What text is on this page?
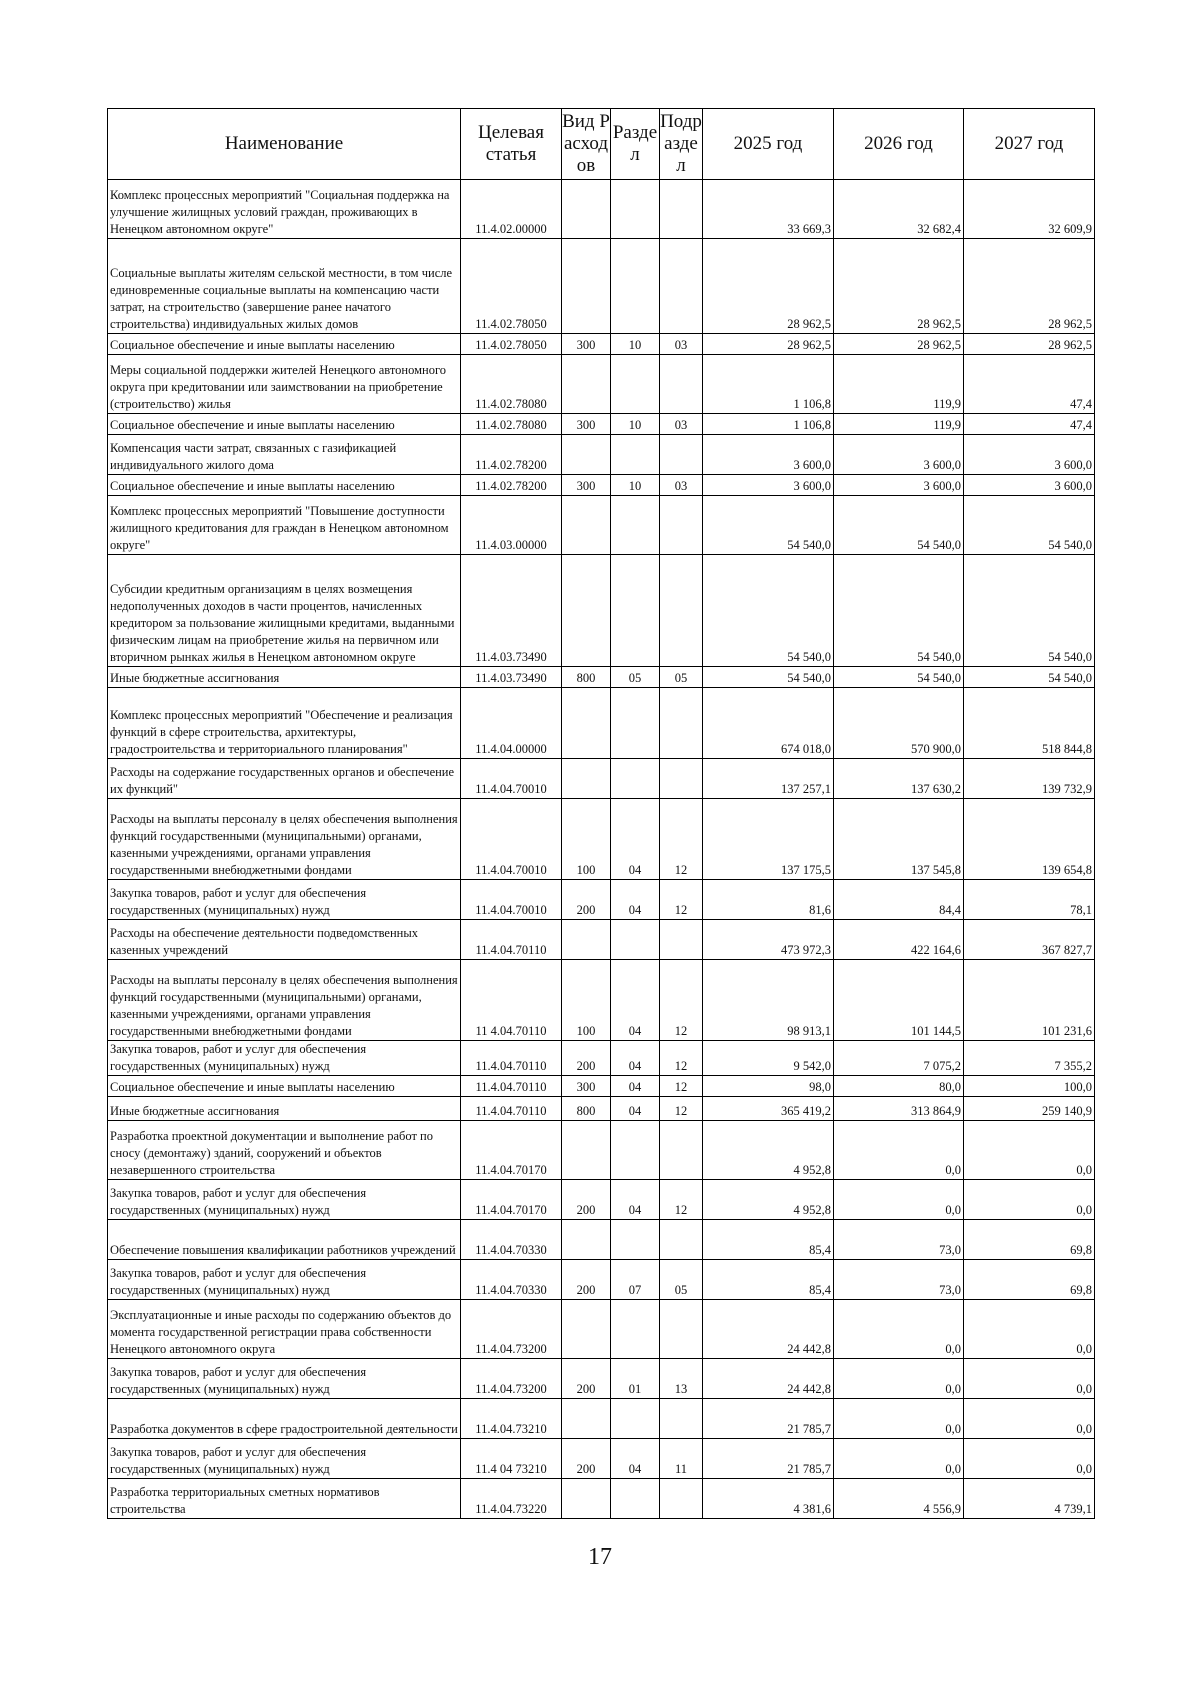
Наименование	Целевая статья	Вид Расходов	Раздел	Подраздел	2025 год	2026 год	2027 год
Комплекс процессных мероприятий "Социальная поддержка на улучшение жилищных условий граждан, проживающих в Ненецком автономном округе"	11.4.02.00000				33 669,3	32 682,4	32 609,9
Социальные выплаты жителям сельской местности, в том числе единовременные социальные выплаты на компенсацию части затрат, на строительство (завершение ранее начатого строительства) индивидуальных жилых домов	11.4.02.78050				28 962,5	28 962,5	28 962,5
Социальное обеспечение и иные выплаты населению	11.4.02.78050	300	10	03	28 962,5	28 962,5	28 962,5
Меры социальной поддержки жителей Ненецкого автономного округа при кредитовании или заимствовании на приобретение (строительство) жилья	11.4.02.78080				1 106,8	119,9	47,4
Социальное обеспечение и иные выплаты населению	11.4.02.78080	300	10	03	1 106,8	119,9	47,4
Компенсация части затрат, связанных с газификацией индивидуального жилого дома	11.4.02.78200				3 600,0	3 600,0	3 600,0
Социальное обеспечение и иные выплаты населению	11.4.02.78200	300	10	03	3 600,0	3 600,0	3 600,0
Комплекс процессных мероприятий "Повышение доступности жилищного кредитования для граждан в Ненецком автономном округе"	11.4.03.00000				54 540,0	54 540,0	54 540,0
Субсидии кредитным организациям в целях возмещения недополученных доходов в части процентов, начисленных кредитором за пользование жилищными кредитами, выданными физическим лицам на приобретение жилья на первичном или вторичном рынках жилья в Ненецком автономном округе	11.4.03.73490				54 540,0	54 540,0	54 540,0
Иные бюджетные ассигнования	11.4.03.73490	800	05	05	54 540,0	54 540,0	54 540,0
Комплекс процессных мероприятий "Обеспечение и реализация функций в сфере строительства, архитектуры, градостроительства и территориального планирования"	11.4.04.00000				674 018,0	570 900,0	518 844,8
Расходы на содержание государственных органов и обеспечение их функций"	11.4.04.70010				137 257,1	137 630,2	139 732,9
Расходы на выплаты персоналу в целях обеспечения выполнения функций государственными (муниципальными) органами, казенными учреждениями, органами управления государственными внебюджетными фондами	11.4.04.70010	100	04	12	137 175,5	137 545,8	139 654,8
Закупка товаров, работ и услуг для обеспечения государственных (муниципальных) нужд	11.4.04.70010	200	04	12	81,6	84,4	78,1
Расходы на обеспечение деятельности подведомственных казенных учреждений	11.4.04.70110				473 972,3	422 164,6	367 827,7
Расходы на выплаты персоналу в целях обеспечения выполнения функций государственными (муниципальными) органами, казенными учреждениями, органами управления государственными внебюджетными фондами	11 4.04.70110	100	04	12	98 913,1	101 144,5	101 231,6
Закупка товаров, работ и услуг для обеспечения государственных (муниципальных) нужд	11.4.04.70110	200	04	12	9 542,0	7 075,2	7 355,2
Социальное обеспечение и иные выплаты населению	11.4.04.70110	300	04	12	98,0	80,0	100,0
Иные бюджетные ассигнования	11.4.04.70110	800	04	12	365 419,2	313 864,9	259 140,9
Разработка проектной документации и выполнение работ по сносу (демонтажу) зданий, сооружений и объектов незавершенного строительства	11.4.04.70170				4 952,8	0,0	0,0
Закупка товаров, работ и услуг для обеспечения государственных (муниципальных) нужд	11.4.04.70170	200	04	12	4 952,8	0,0	0,0
Обеспечение повышения квалификации работников учреждений	11.4.04.70330				85,4	73,0	69,8
Закупка товаров, работ и услуг для обеспечения государственных (муниципальных) нужд	11.4.04.70330	200	07	05	85,4	73,0	69,8
Эксплуатационные и иные расходы по содержанию объектов до момента государственной регистрации права собственности Ненецкого автономного округа	11.4.04.73200				24 442,8	0,0	0,0
Закупка товаров, работ и услуг для обеспечения государственных (муниципальных) нужд	11.4.04.73200	200	01	13	24 442,8	0,0	0,0
Разработка документов в сфере градостроительной деятельности	11.4.04.73210				21 785,7	0,0	0,0
Закупка товаров, работ и услуг для обеспечения государственных (муниципальных) нужд	11.4 04 73210	200	04	11	21 785,7	0,0	0,0
Разработка территориальных сметных нормативов строительства	11.4.04.73220				4 381,6	4 556,9	4 739,1
17
